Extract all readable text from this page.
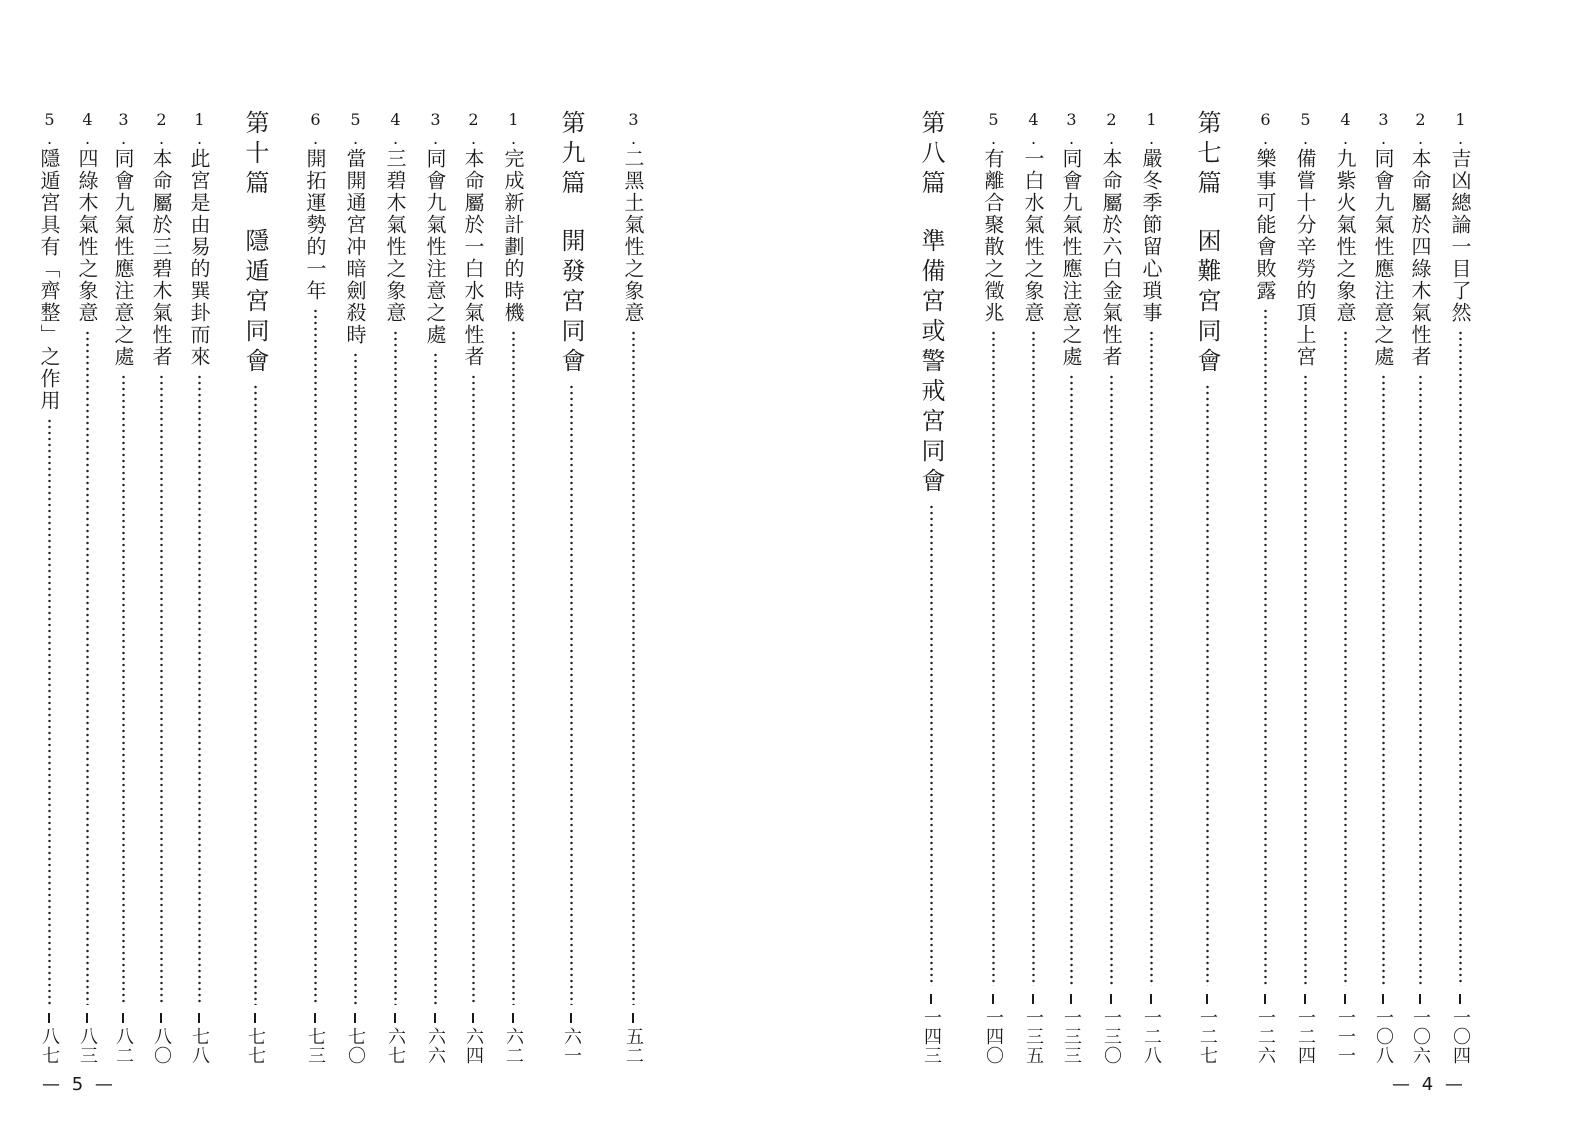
3.二黑土氣性之象意
五二
第九篇開發宮同會
六一
1.完成新計劃的時機
六二
2.本命屬於一白水氣性者
六四
3.同會九氣性注意之處
六六
4.三碧木氣性之象意
六七
5.當開通宮冲暗劍殺時
七〇
6.開拓運勢的一年
七三
第十篇隱遁宮同會
七七
1.此宮是由易的巽卦而來
七八
2.本命屬於三碧木氣性者
八〇
3.同會九氣性應注意之處
八二
4.四綠木氣性之象意
八三
5.隱遁宮具有「齊整」之作用
八七
1.吉凶總論一目了然
一〇四
2.本命屬於四綠木氣性者
一〇六
3.同會九氣性應注意之處
一〇八
4.九紫火氣性之象意
一一一
5.備嘗十分辛勞的頂上宮
一二四
6.樂事可能會敗露
一二六
第七篇困難宮同會
一二七
1.嚴冬季節留心瑣事
一二八
2.本命屬於六白金氣性者
一三〇
3.同會九氣性應注意之處
一三三
4.一白水氣性之象意
一三五
5.有離合聚散之徵兆
一四〇
第八篇準備宮或警戒宮同會
一四三
— 5 —	— 4 —
